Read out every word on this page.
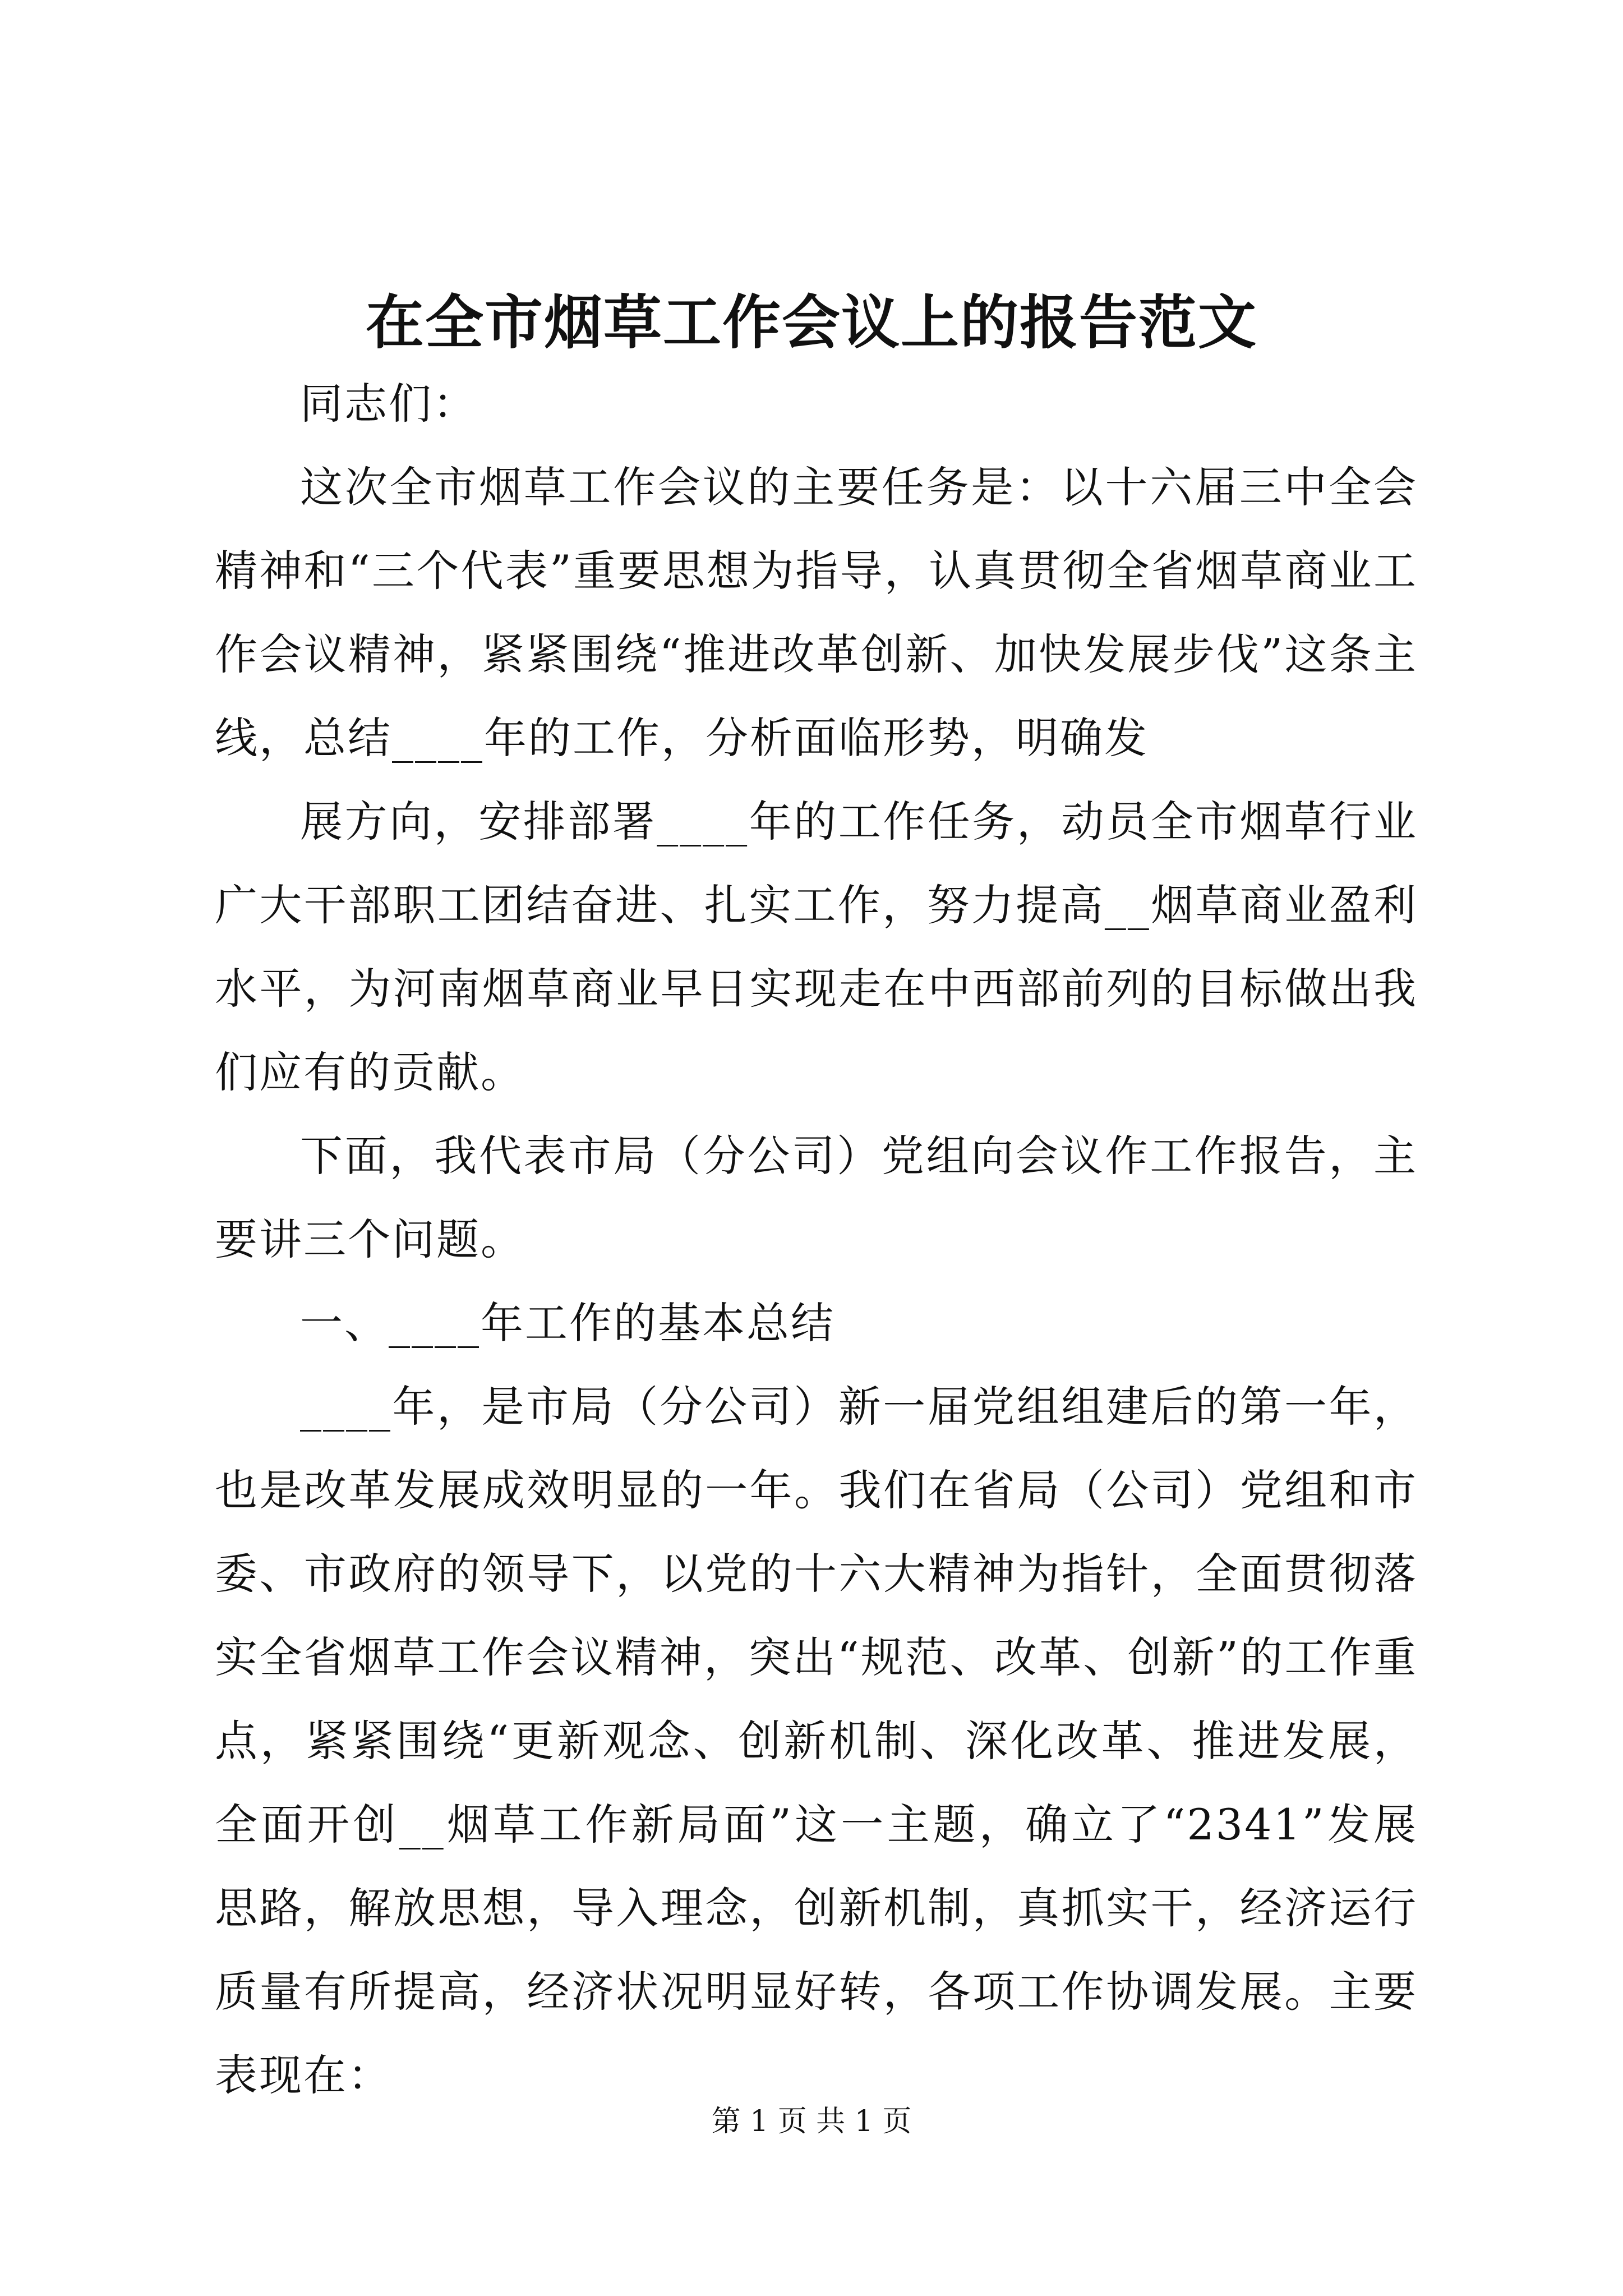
在全市烟草工作会议上的报告范文

同志们：

这次全市烟草工作会议的主要任务是：以十六届三中全会精神和“三个代表”重要思想为指导，认真贯彻全省烟草商业工作会议精神，紧紧围绕“推进改革创新、加快发展步伐”这条主线，总结____年的工作，分析面临形势，明确发

展方向，安排部署____年的工作任务，动员全市烟草行业广大干部职工团结奋进、扎实工作，努力提高__烟草商业盈利水平，为河南烟草商业早日实现走在中西部前列的目标做出我们应有的贡献。

下面，我代表市局（分公司）党组向会议作工作报告，主要讲三个问题。

一、____年工作的基本总结

____年，是市局（分公司）新一届党组组建后的第一年，也是改革发展成效明显的一年。我们在省局（公司）党组和市委、市政府的领导下，以党的十六大精神为指针，全面贯彻落实全省烟草工作会议精神，突出“规范、改革、创新”的工作重点，紧紧围绕“更新观念、创新机制、深化改革、推进发展，全面开创__烟草工作新局面”这一主题，确立了“2341”发展思路，解放思想，导入理念，创新机制，真抓实干，经济运行质量有所提高，经济状况明显好转，各项工作协调发展。主要表现在：

第 1 页 共 1 页
